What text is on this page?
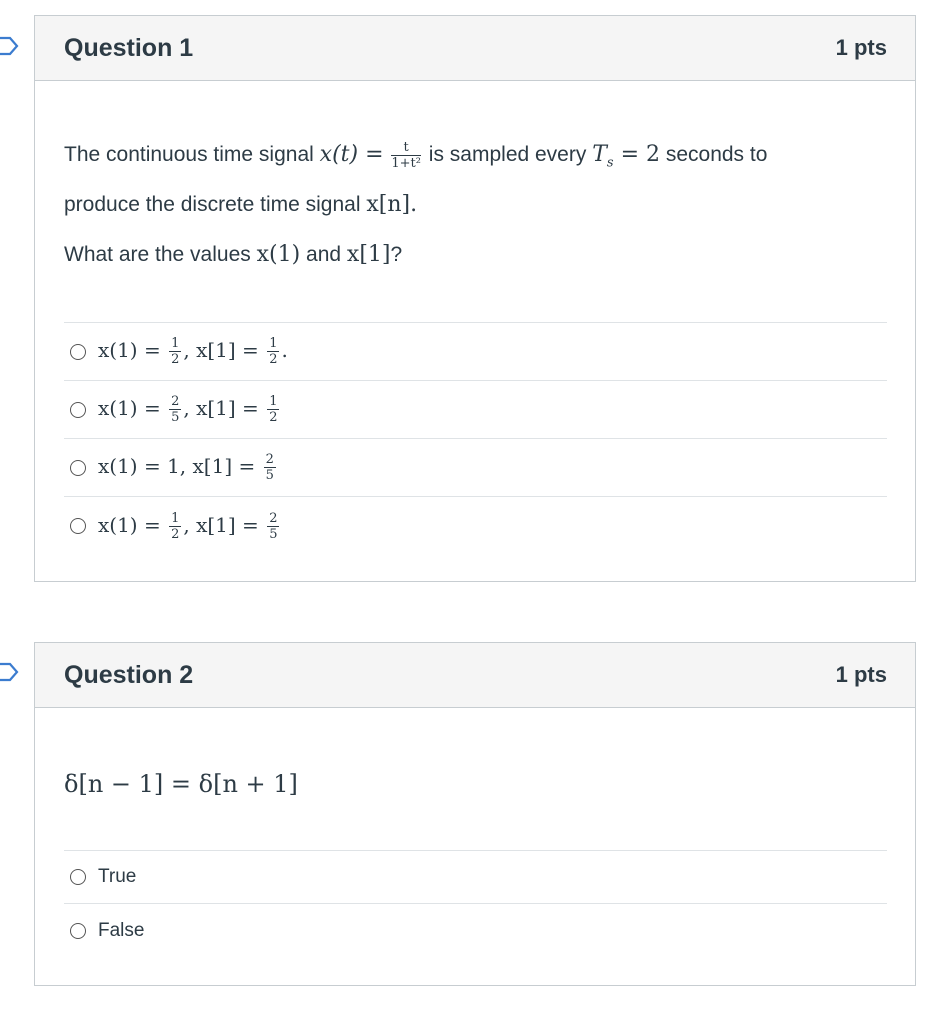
Question 1	1 pts
The continuous time signal $x(t) = \frac{t}{\text{1+t²}}$ is sampled every $T_s = 2$ seconds to
produce the discrete time signal x[n].
What are the values x(1) and x[1]?
$x(1) = \frac{1}{2}$ , $x[1] = \frac{1}{2}$ .
$x(1) = \frac{2}{5}$ , $x[1] = \frac{1}{2}$
x(1) = 1, $x[1] = \frac{2}{5}$
$x(1) = \frac{1}{2}$ , $x[1] = \frac{2}{5}$
Question 2	1 pts
δ[n − 1] = δ[n + 1]
True
False
